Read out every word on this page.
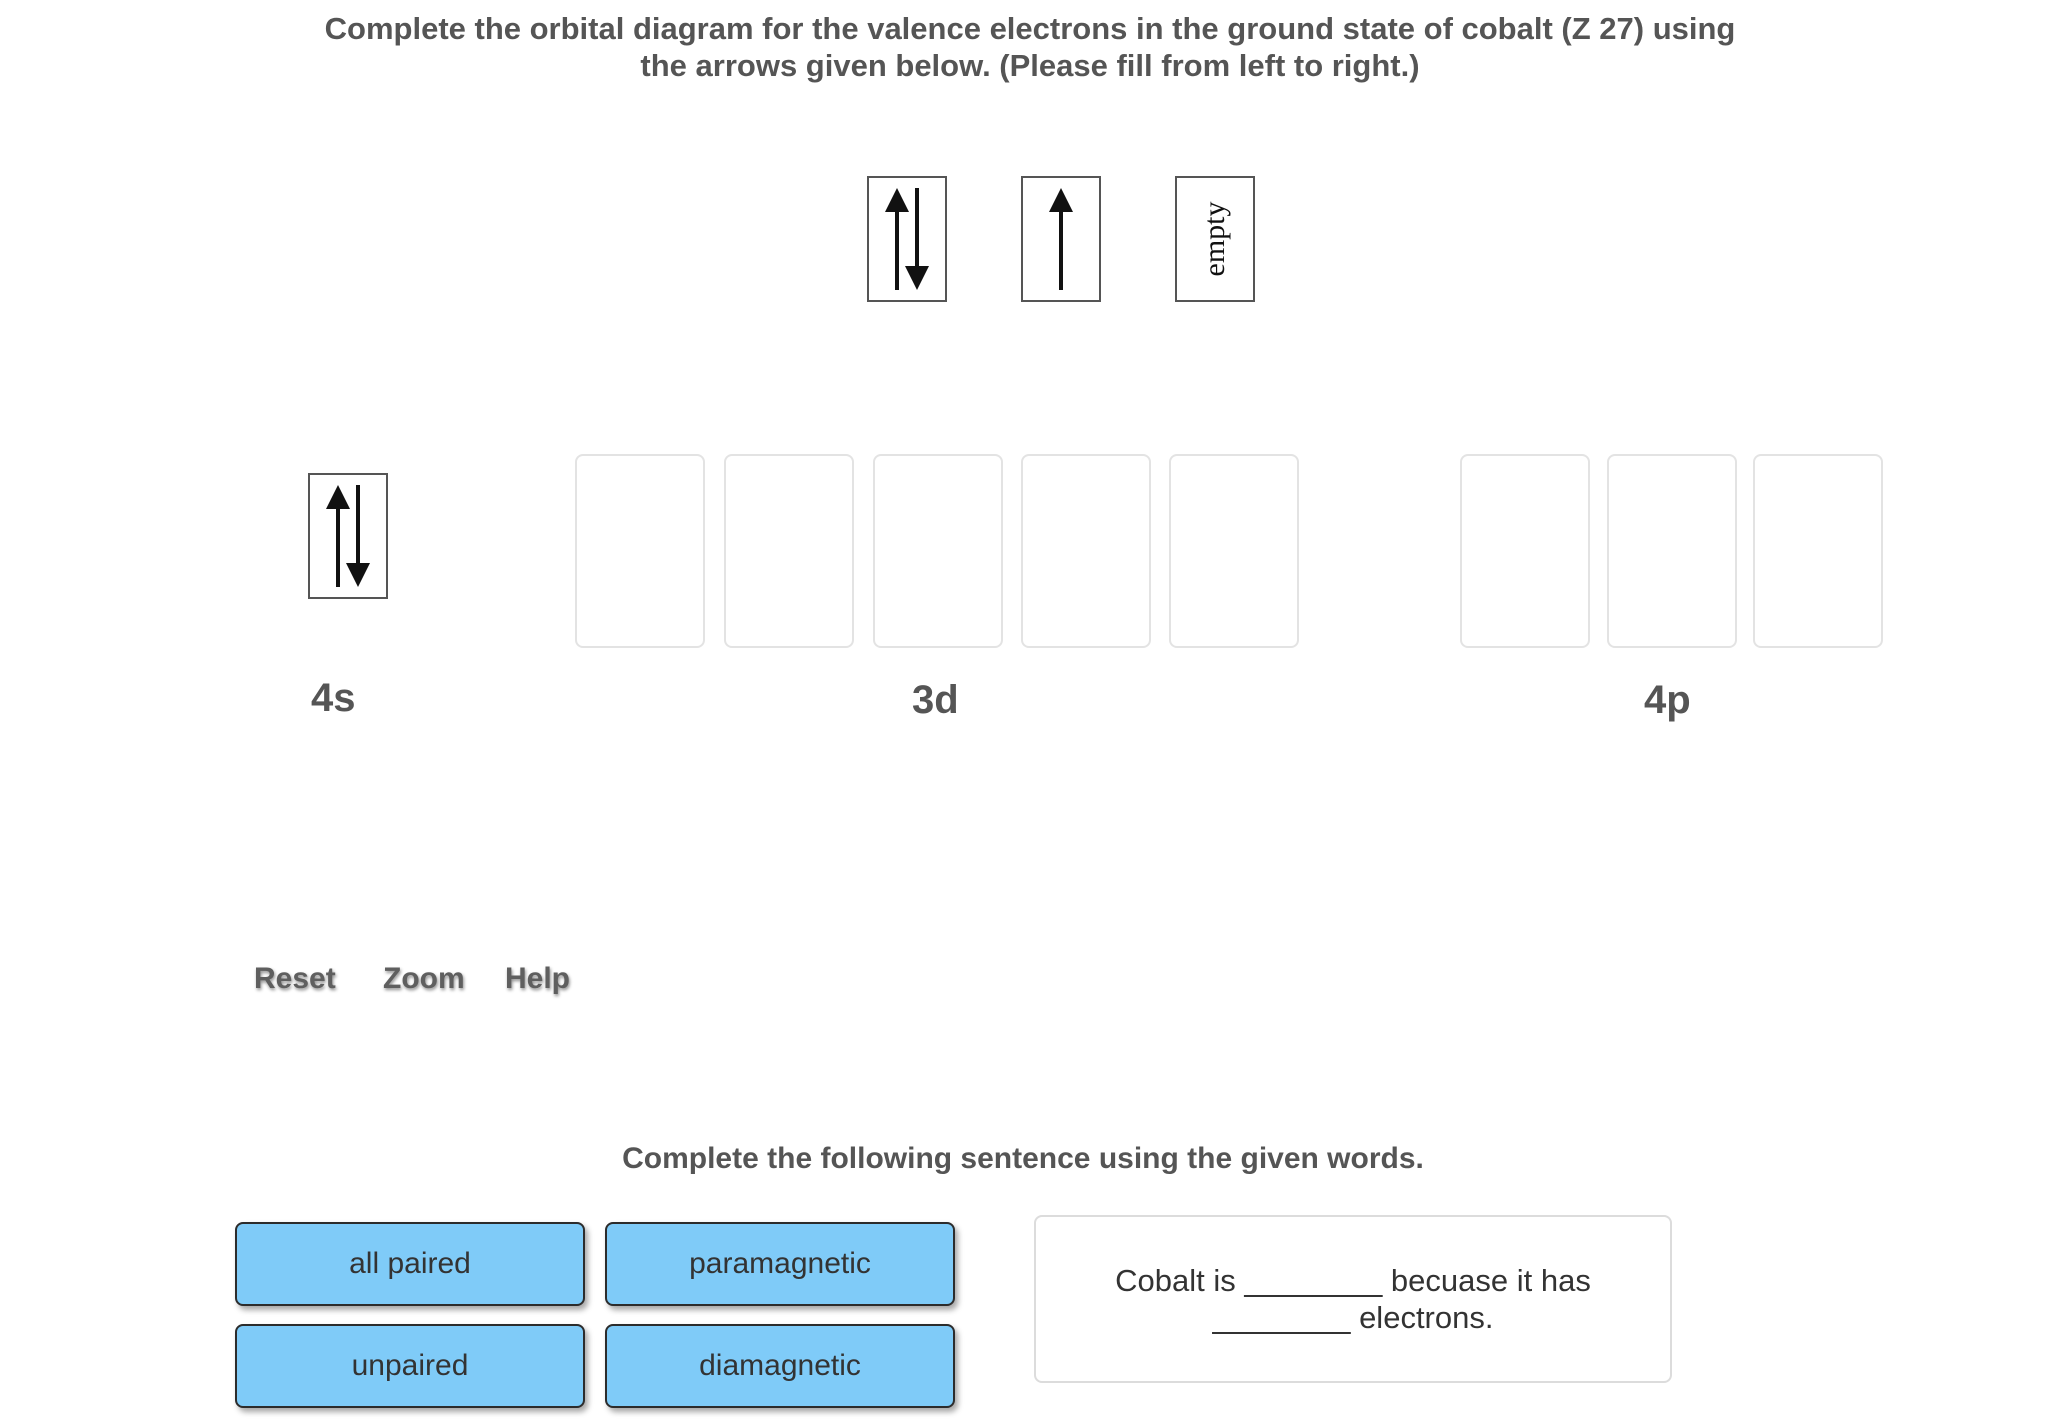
Complete the orbital diagram for the valence electrons in the ground state of cobalt (Z 27) using
the arrows given below. (Please fill from left to right.)
empty
4s	3d	4p
Reset Zoom Help
Complete the following sentence using the given words.
all paired	paramagnetic
unpaired	diamagnetic
Cobalt is ________ becuase it has ________ electrons.
